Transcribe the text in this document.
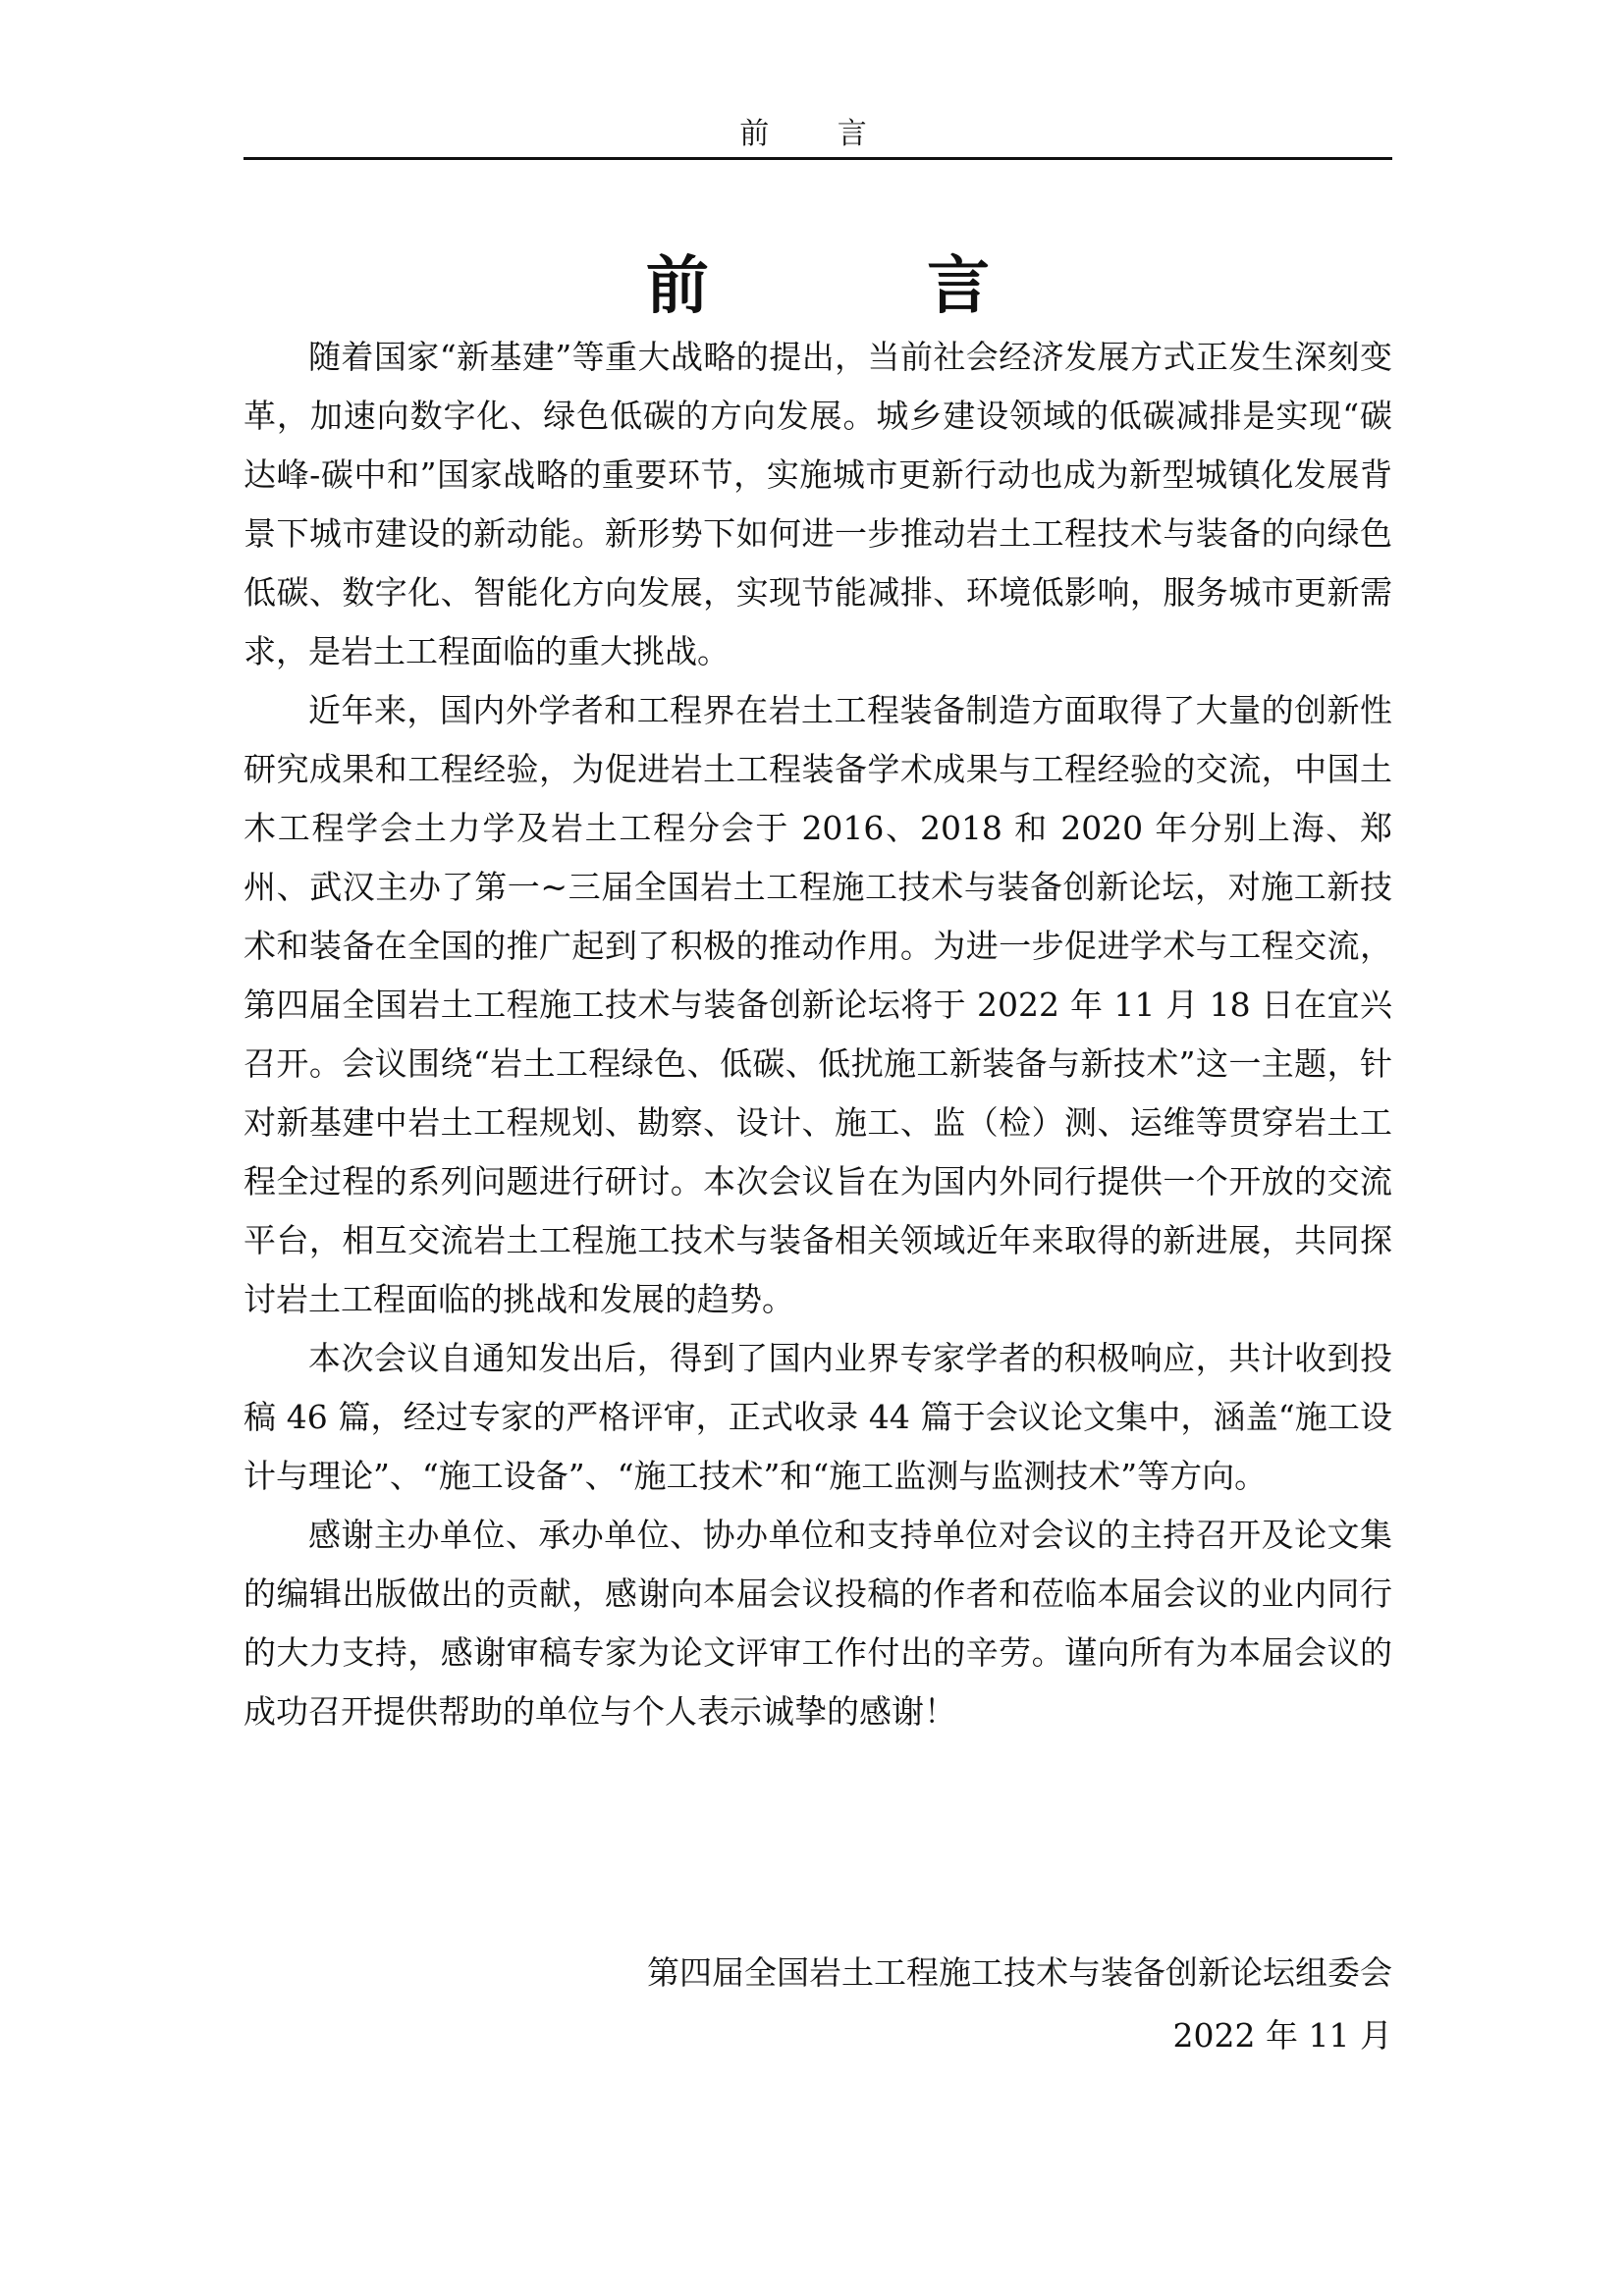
前 言
前 言

随着国家“新基建”等重大战略的提出，当前社会经济发展方式正发生深刻变革，加速向数字化、绿色低碳的方向发展。城乡建设领域的低碳减排是实现“碳达峰-碳中和”国家战略的重要环节，实施城市更新行动也成为新型城镇化发展背景下城市建设的新动能。新形势下如何进一步推动岩土工程技术与装备的向绿色低碳、数字化、智能化方向发展，实现节能减排、环境低影响，服务城市更新需求，是岩土工程面临的重大挑战。

近年来，国内外学者和工程界在岩土工程装备制造方面取得了大量的创新性研究成果和工程经验，为促进岩土工程装备学术成果与工程经验的交流，中国土木工程学会土力学及岩土工程分会于 2016、2018 和 2020 年分别上海、郑州、武汉主办了第一~三届全国岩土工程施工技术与装备创新论坛，对施工新技术和装备在全国的推广起到了积极的推动作用。为进一步促进学术与工程交流，第四届全国岩土工程施工技术与装备创新论坛将于 2022 年 11 月 18 日在宜兴召开。会议围绕“岩土工程绿色、低碳、低扰施工新装备与新技术”这一主题，针对新基建中岩土工程规划、勘察、设计、施工、监（检）测、运维等贯穿岩土工程全过程的系列问题进行研讨。本次会议旨在为国内外同行提供一个开放的交流平台，相互交流岩土工程施工技术与装备相关领域近年来取得的新进展，共同探讨岩土工程面临的挑战和发展的趋势。

本次会议自通知发出后，得到了国内业界专家学者的积极响应，共计收到投稿 46 篇，经过专家的严格评审，正式收录 44 篇于会议论文集中，涵盖“施工设计与理论”、“施工设备”、“施工技术”和“施工监测与监测技术”等方向。

感谢主办单位、承办单位、协办单位和支持单位对会议的主持召开及论文集的编辑出版做出的贡献，感谢向本届会议投稿的作者和莅临本届会议的业内同行的大力支持，感谢审稿专家为论文评审工作付出的辛劳。谨向所有为本届会议的成功召开提供帮助的单位与个人表示诚挚的感谢！

第四届全国岩土工程施工技术与装备创新论坛组委会
2022 年 11 月
